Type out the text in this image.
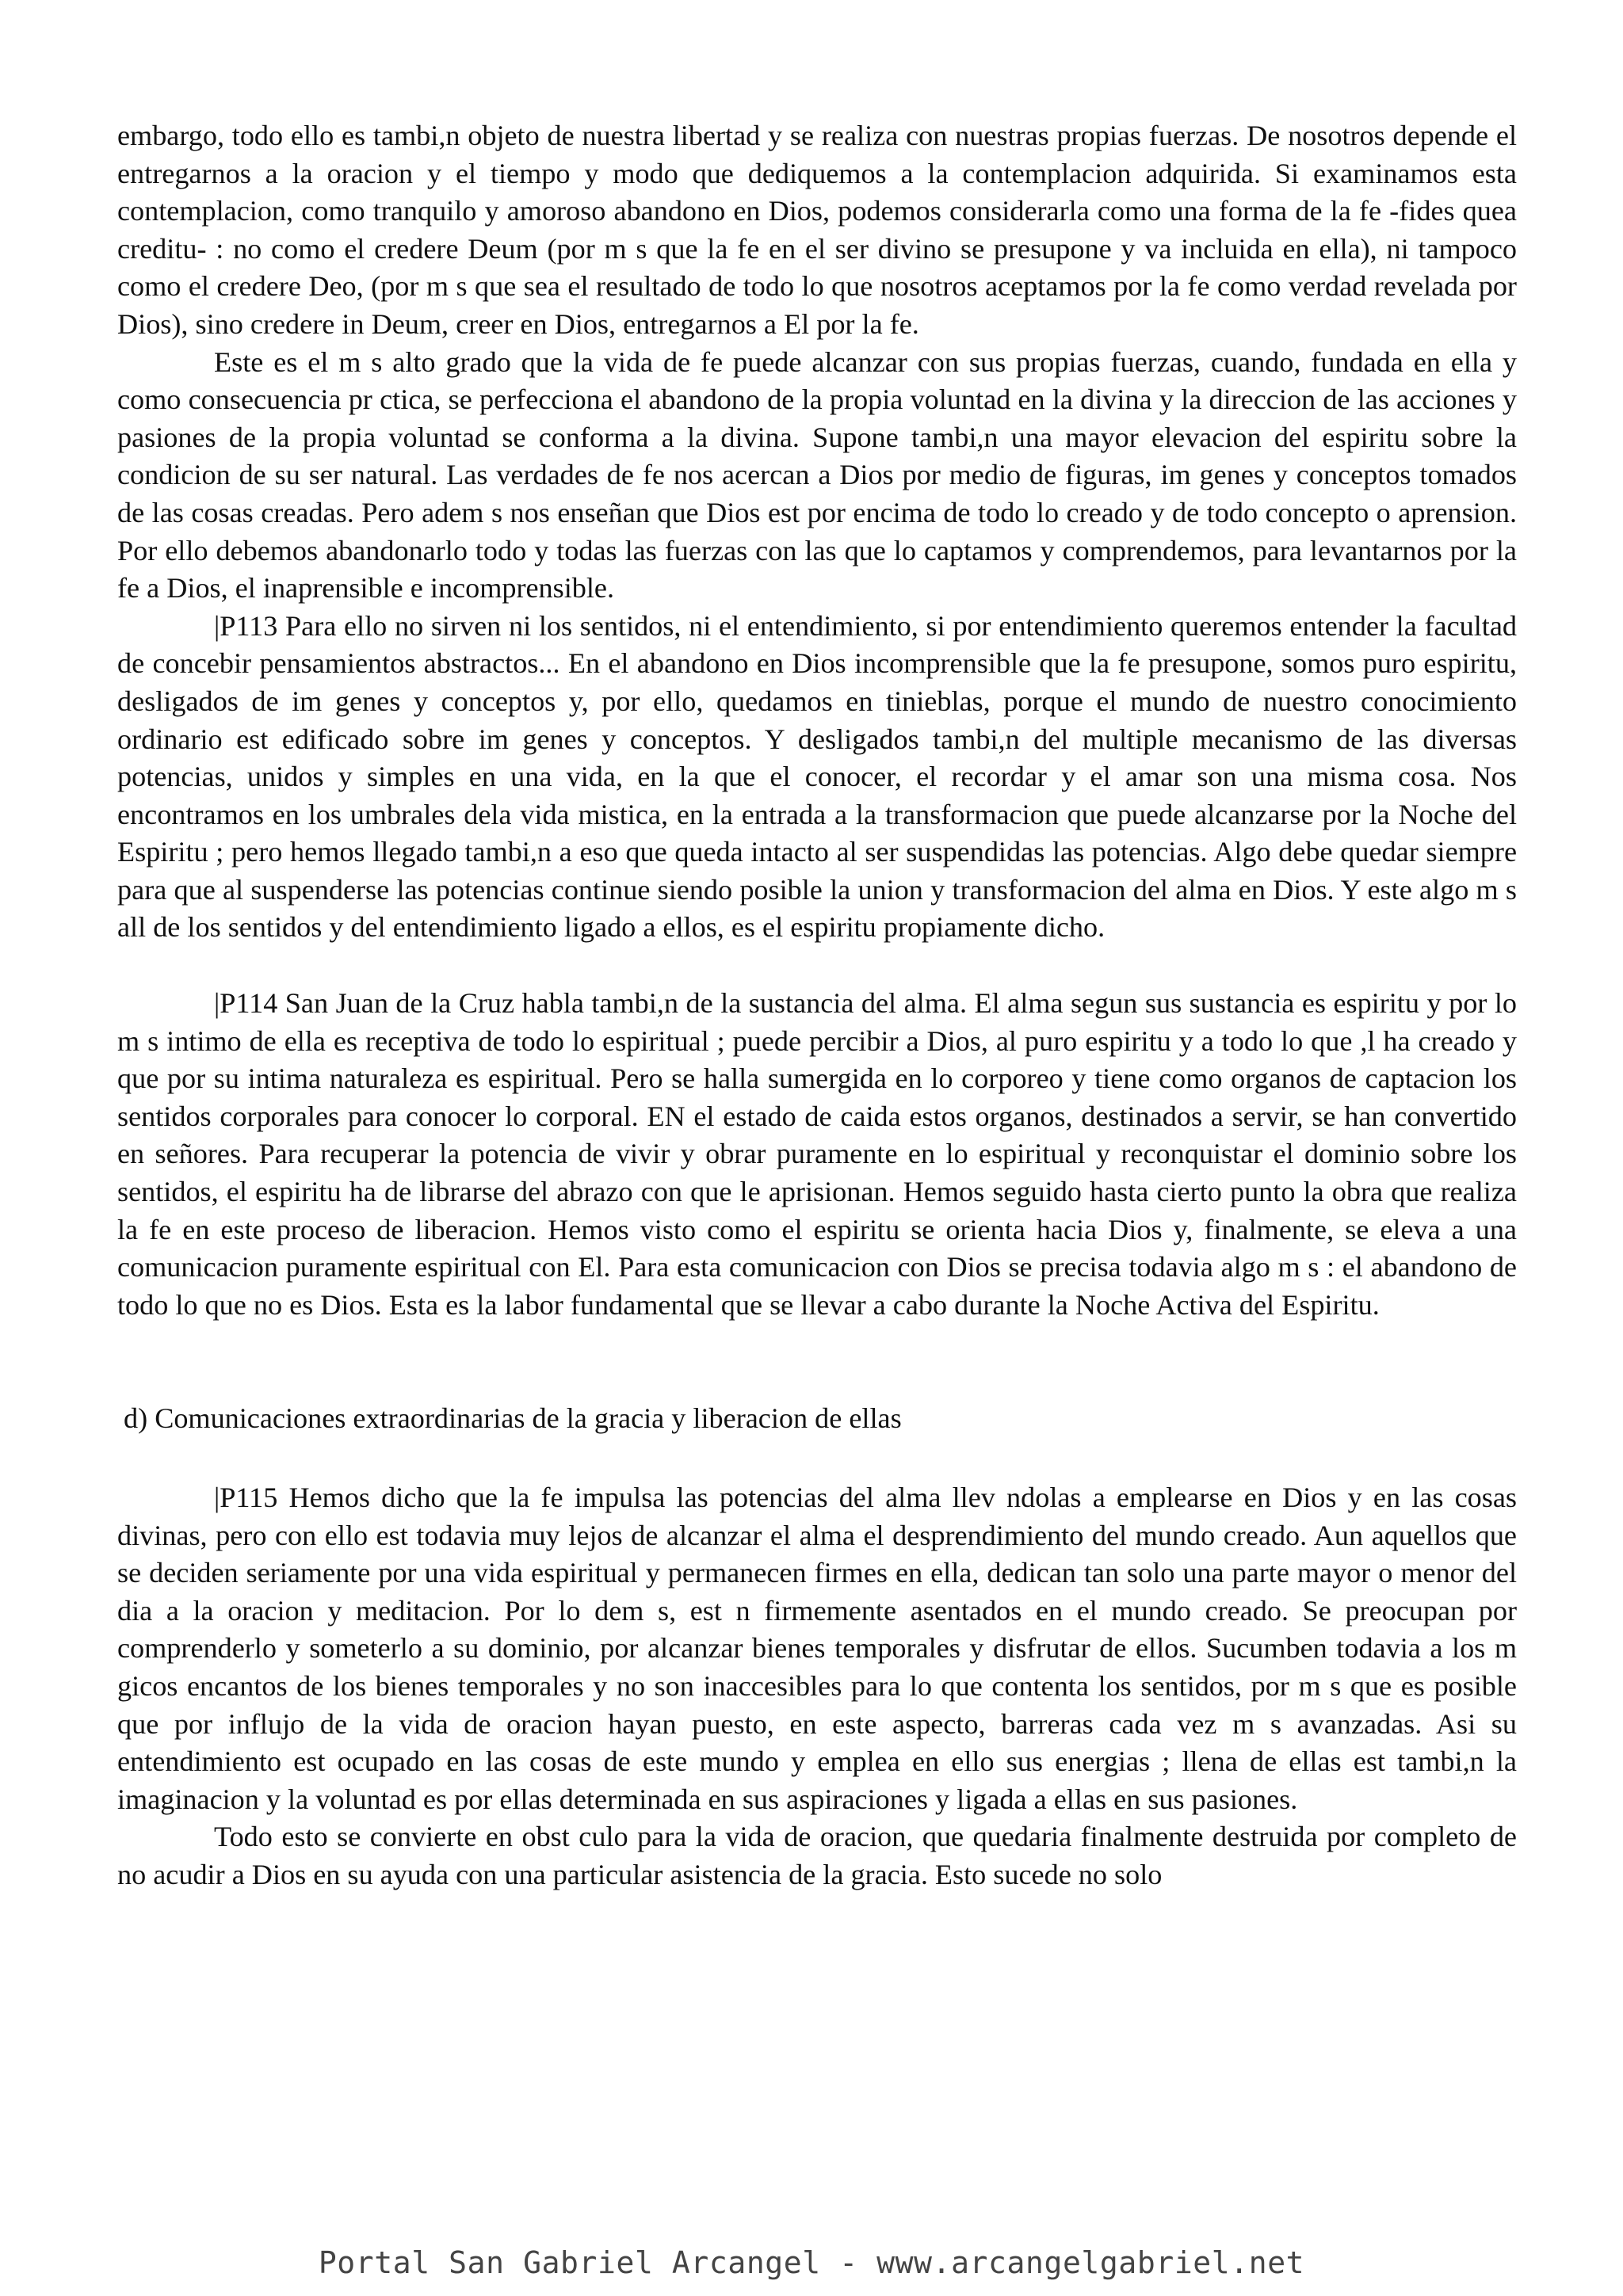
embargo, todo ello es tambi,n objeto de nuestra libertad y se realiza con nuestras propias fuerzas. De nosotros depende el entregarnos a la oracion y el tiempo y modo que dediquemos a la contemplacion adquirida. Si examinamos esta contemplacion, como tranquilo y amoroso abandono en Dios, podemos considerarla como una forma de la fe -fides quea creditu- : no como el credere Deum (por m s que la fe en el ser divino se presupone y va incluida en ella), ni tampoco como el credere Deo, (por m s que sea el resultado de todo lo que nosotros aceptamos por la fe como verdad revelada por Dios), sino credere in Deum, creer en Dios, entregarnos a El por la fe.

Este es el m s alto grado que la vida de fe puede alcanzar con sus propias fuerzas, cuando, fundada en ella y como consecuencia pr ctica, se perfecciona el abandono de la propia voluntad en la divina y la direccion de las acciones y pasiones de la propia voluntad se conforma a la divina. Supone tambi,n una mayor elevacion del espiritu sobre la condicion de su ser natural. Las verdades de fe nos acercan a Dios por medio de figuras, im genes y conceptos tomados de las cosas creadas. Pero adem s nos enseñan que Dios est por encima de todo lo creado y de todo concepto o aprension. Por ello debemos abandonarlo todo y todas las fuerzas con las que lo captamos y comprendemos, para levantarnos por la fe a Dios, el inaprensible e incomprensible.

|P113 Para ello no sirven ni los sentidos, ni el entendimiento, si por entendimiento queremos entender la facultad de concebir pensamientos abstractos... En el abandono en Dios incomprensible que la fe presupone, somos puro espiritu, desligados de im genes y conceptos y, por ello, quedamos en tinieblas, porque el mundo de nuestro conocimiento ordinario est edificado sobre im genes y conceptos. Y desligados tambi,n del multiple mecanismo de las diversas potencias, unidos y simples en una vida, en la que el conocer, el recordar y el amar son una misma cosa. Nos encontramos en los umbrales dela vida mistica, en la entrada a la transformacion que puede alcanzarse por la Noche del Espiritu ; pero hemos llegado tambi,n a eso que queda intacto al ser suspendidas las potencias. Algo debe quedar siempre para que al suspenderse las potencias continue siendo posible la union y transformacion del alma en Dios. Y este algo m s all de los sentidos y del entendimiento ligado a ellos, es el espiritu propiamente dicho.

|P114 San Juan de la Cruz habla tambi,n de la sustancia del alma. El alma segun sus sustancia es espiritu y por lo m s intimo de ella es receptiva de todo lo espiritual ; puede percibir a Dios, al puro espiritu y a todo lo que ,l ha creado y que por su intima naturaleza es espiritual. Pero se halla sumergida en lo corporeo y tiene como organos de captacion los sentidos corporales para conocer lo corporal. EN el estado de caida estos organos, destinados a servir, se han convertido en señores. Para recuperar la potencia de vivir y obrar puramente en lo espiritual y reconquistar el dominio sobre los sentidos, el espiritu ha de librarse del abrazo con que le aprisionan. Hemos seguido hasta cierto punto la obra que realiza la fe en este proceso de liberacion. Hemos visto como el espiritu se orienta hacia Dios y, finalmente, se eleva a una comunicacion puramente espiritual con El. Para esta comunicacion con Dios se precisa todavia algo m s : el abandono de todo lo que no es Dios. Esta es la labor fundamental que se llevar a cabo durante la Noche Activa del Espiritu.

d) Comunicaciones extraordinarias de la gracia y liberacion de ellas

|P115 Hemos dicho que la fe impulsa las potencias del alma llev ndolas a emplearse en Dios y en las cosas divinas, pero con ello est todavia muy lejos de alcanzar el alma el desprendimiento del mundo creado. Aun aquellos que se deciden seriamente por una vida espiritual y permanecen firmes en ella, dedican tan solo una parte mayor o menor del dia a la oracion y meditacion. Por lo dem s, est n firmemente asentados en el mundo creado. Se preocupan por comprenderlo y someterlo a su dominio, por alcanzar bienes temporales y disfrutar de ellos. Sucumben todavia a los m gicos encantos de los bienes temporales y no son inaccesibles para lo que contenta los sentidos, por m s que es posible que por influjo de la vida de oracion hayan puesto, en este aspecto, barreras cada vez m s avanzadas. Asi su entendimiento est ocupado en las cosas de este mundo y emplea en ello sus energias ; llena de ellas est tambi,n la imaginacion y la voluntad es por ellas determinada en sus aspiraciones y ligada a ellas en sus pasiones.

Todo esto se convierte en obst culo para la vida de oracion, que quedaria finalmente destruida por completo de no acudir a Dios en su ayuda con una particular asistencia de la gracia. Esto sucede no solo

Portal San Gabriel Arcangel - www.arcangelgabriel.net
